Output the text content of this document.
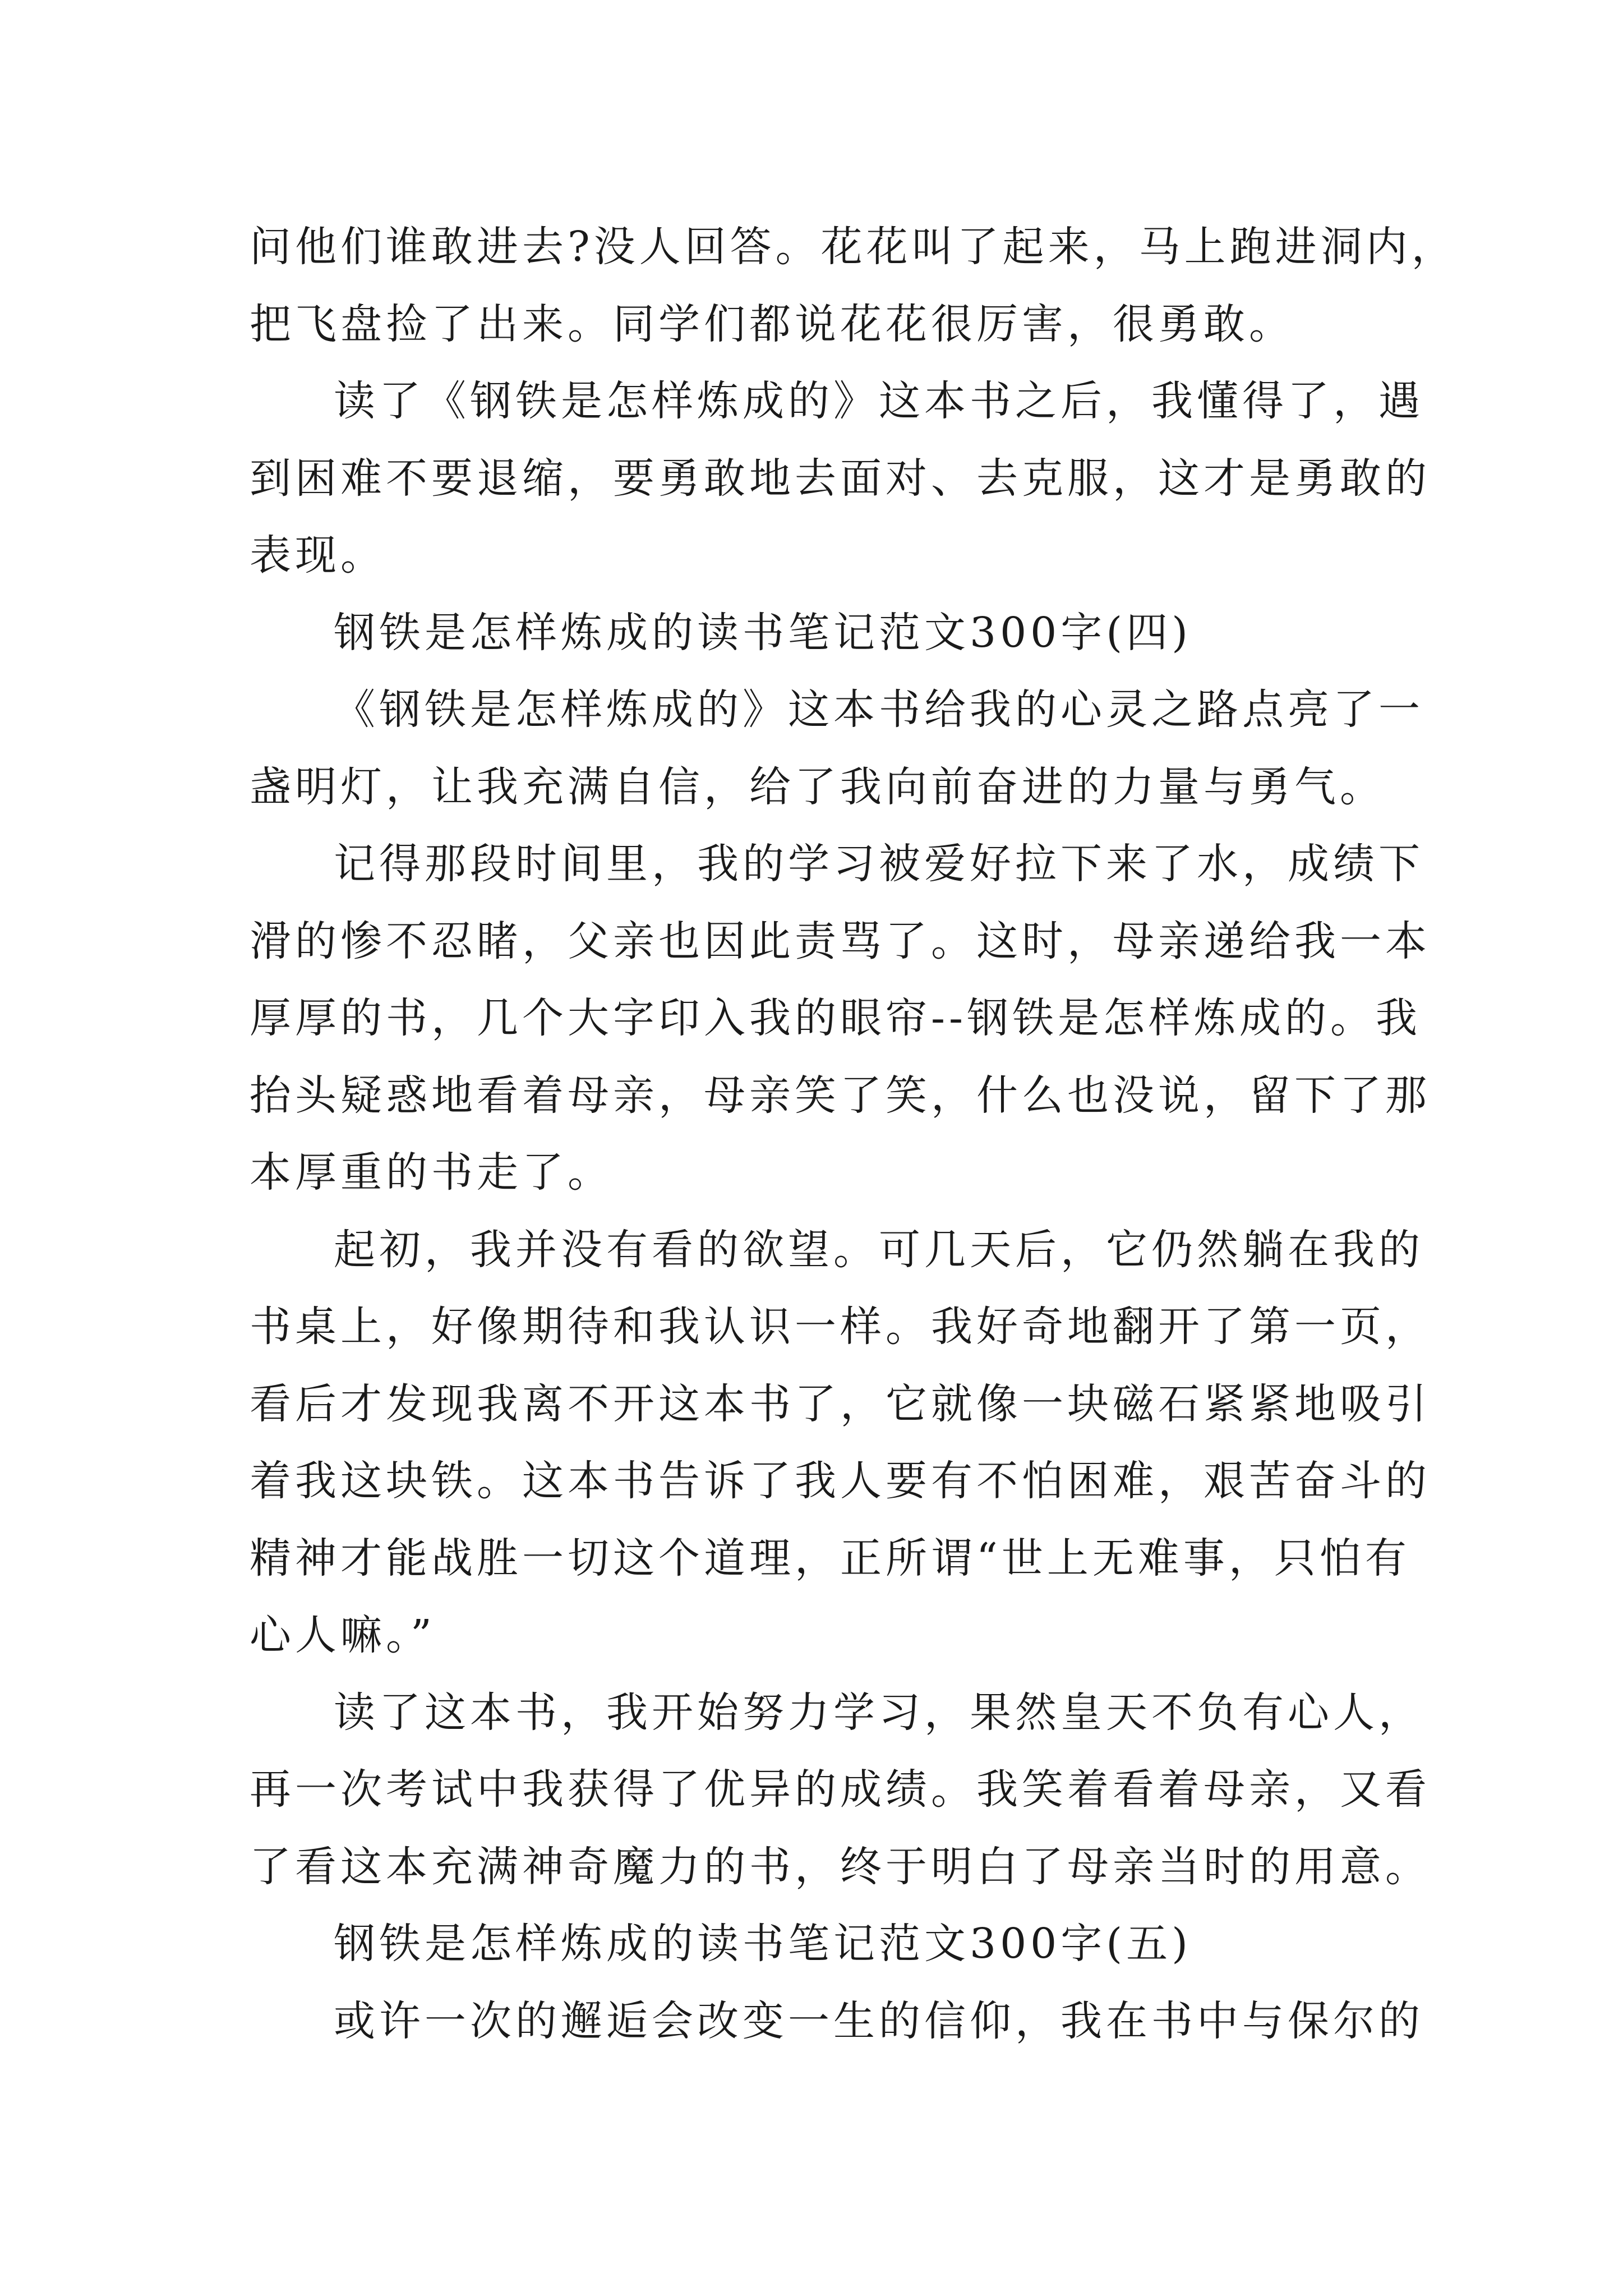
问他们谁敢进去?没人回答。花花叫了起来，马上跑进洞内，
把飞盘捡了出来。同学们都说花花很厉害，很勇敢。
读了《钢铁是怎样炼成的》这本书之后，我懂得了，遇
到困难不要退缩，要勇敢地去面对、去克服，这才是勇敢的
表现。
钢铁是怎样炼成的读书笔记范文300字(四)
《钢铁是怎样炼成的》这本书给我的心灵之路点亮了一
盏明灯，让我充满自信，给了我向前奋进的力量与勇气。
记得那段时间里，我的学习被爱好拉下来了水，成绩下
滑的惨不忍睹，父亲也因此责骂了。这时，母亲递给我一本
厚厚的书，几个大字印入我的眼帘--钢铁是怎样炼成的。我
抬头疑惑地看着母亲，母亲笑了笑，什么也没说，留下了那
本厚重的书走了。
起初，我并没有看的欲望。可几天后，它仍然躺在我的
书桌上，好像期待和我认识一样。我好奇地翻开了第一页，
看后才发现我离不开这本书了，它就像一块磁石紧紧地吸引
着我这块铁。这本书告诉了我人要有不怕困难，艰苦奋斗的
精神才能战胜一切这个道理，正所谓“世上无难事，只怕有
心人嘛。”
读了这本书，我开始努力学习，果然皇天不负有心人，
再一次考试中我获得了优异的成绩。我笑着看着母亲，又看
了看这本充满神奇魔力的书，终于明白了母亲当时的用意。
钢铁是怎样炼成的读书笔记范文300字(五)
或许一次的邂逅会改变一生的信仰，我在书中与保尔的
